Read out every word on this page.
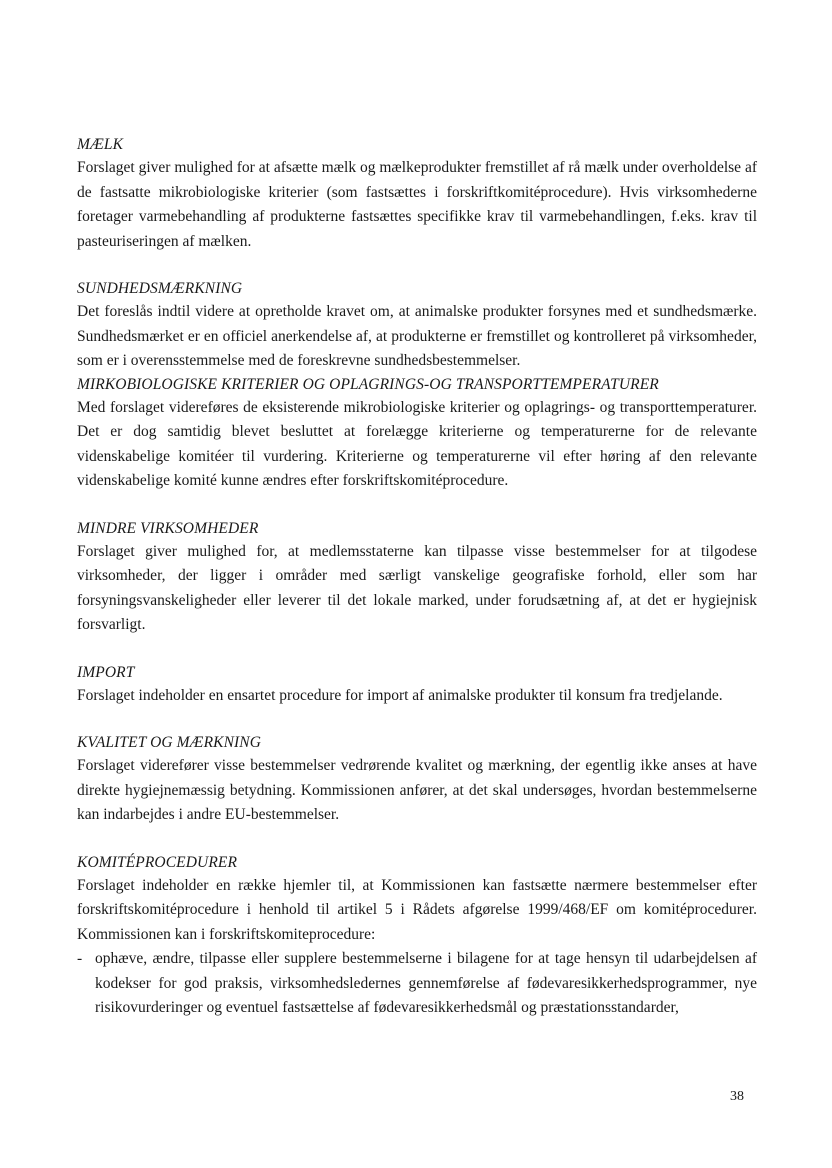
MÆLK

Forslaget giver mulighed for at afsætte mælk og mælkeprodukter fremstillet af rå mælk under overholdelse af de fastsatte mikrobiologiske kriterier (som fastsættes i forskriftkomitéprocedure). Hvis virksomhederne foretager varmebehandling af produkterne fastsættes specifikke krav til varmebehandlingen, f.eks. krav til pasteuriseringen af mælken.

SUNDHEDSMÆRKNING

Det foreslås indtil videre at opretholde kravet om, at animalske produkter forsynes med et sundhedsmærke. Sundhedsmærket er en officiel anerkendelse af, at produkterne er fremstillet og kontrolleret på virksomheder, som er i overensstemmelse med de foreskrevne sundhedsbestemmelser.

MIRKOBIOLOGISKE KRITERIER OG OPLAGRINGS-OG TRANSPORTTEMPERATURER

Med forslaget videreføres de eksisterende mikrobiologiske kriterier og oplagrings- og transporttemperaturer. Det er dog samtidig blevet besluttet at forelægge kriterierne og temperaturerne for de relevante videnskabelige komitéer til vurdering. Kriterierne og temperaturerne vil efter høring af den relevante videnskabelige komité kunne ændres efter forskriftskomitéprocedure.

MINDRE VIRKSOMHEDER

Forslaget giver mulighed for, at medlemsstaterne kan tilpasse visse bestemmelser for at tilgodese virksomheder, der ligger i områder med særligt vanskelige geografiske forhold, eller som har forsyningsvanskeligheder eller leverer til det lokale marked, under forudsætning af, at det er hygiejnisk forsvarligt.

IMPORT

Forslaget indeholder en ensartet procedure for import af animalske produkter til konsum fra tredjelande.

KVALITET OG MÆRKNING

Forslaget viderefører visse bestemmelser vedrørende kvalitet og mærkning, der egentlig ikke anses at have direkte hygiejnemæssig betydning. Kommissionen anfører, at det skal undersøges, hvordan bestemmelserne kan indarbejdes i andre EU-bestemmelser.

KOMITÉPROCEDURER

Forslaget indeholder en række hjemler til, at Kommissionen kan fastsætte nærmere bestemmelser efter forskriftskomitéprocedure i henhold til artikel 5 i Rådets afgørelse 1999/468/EF om komitéprocedurer. Kommissionen kan i forskriftskomiteprocedure:

- ophæve, ændre, tilpasse eller supplere bestemmelserne i bilagene for at tage hensyn til udarbejdelsen af kodekser for god praksis, virksomhedsledernes gennemførelse af fødevaresikkerhedsprogrammer, nye risikovurderinger og eventuel fastsættelse af fødevaresikkerhedsmål og præstationsstandarder,
38
